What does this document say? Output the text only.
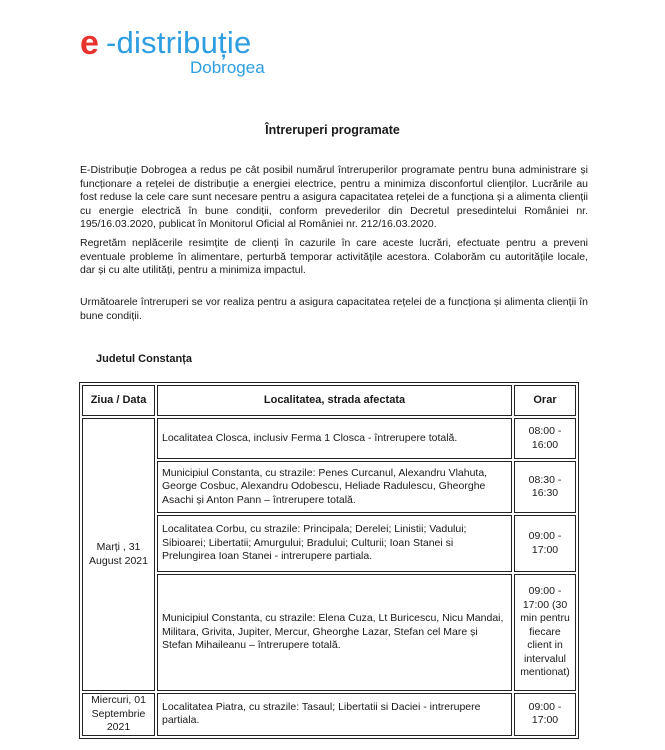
e -distribuție
Dobrogea
Întreruperi programate

E-Distribuție Dobrogea a redus pe cât posibil numărul întreruperilor programate pentru buna administrare și funcționare a rețelei de distribuție a energiei electrice, pentru a minimiza disconfortul clienților. Lucrările au fost reduse la cele care sunt necesare pentru a asigura capacitatea rețelei de a funcționa și a alimenta clienții cu energie electrică în bune condiții, conform prevederilor din Decretul presedintelui României nr. 195/16.03.2020, publicat în Monitorul Oficial al României nr. 212/16.03.2020.

Regretăm neplăcerile resimțite de clienți în cazurile în care aceste lucrări, efectuate pentru a preveni eventuale probleme în alimentare, perturbă temporar activitățile acestora. Colaborăm cu autoritățile locale, dar și cu alte utilități, pentru a minimiza impactul.

Următoarele întreruperi se vor realiza pentru a asigura capacitatea rețelei de a funcționa și alimenta clienții în bune condiții.

Judetul Constanța
Ziua / Data	Localitatea, strada afectata	Orar
Marți , 31 August 2021	Localitatea Closca, inclusiv Ferma 1 Closca - întrerupere totală.	08:00 - 16:00
	Municipiul Constanta, cu strazile: Penes Curcanul, Alexandru Vlahuta, George Cosbuc, Alexandru Odobescu, Heliade Radulescu, Gheorghe Asachi și Anton Pann – întrerupere totală.	08:30 - 16:30
	Localitatea Corbu, cu strazile: Principala; Derelei; Linistii; Vadului; Sibioarei; Libertatii; Amurgului; Bradului; Culturii; Ioan Stanei si Prelungirea Ioan Stanei - intrerupere partiala.	09:00 - 17:00
	Municipiul Constanta, cu strazile: Elena Cuza, Lt Buricescu, Nicu Mandai, Militara, Grivita, Jupiter, Mercur, Gheorghe Lazar, Stefan cel Mare și Stefan Mihaileanu – întrerupere totală.	09:00 - 17:00 (30 min pentru fiecare client in intervalul mentionat)
Miercuri, 01 Septembrie 2021	Localitatea Piatra, cu strazile: Tasaul; Libertatii si Daciei - intrerupere partiala.	09:00 - 17:00
